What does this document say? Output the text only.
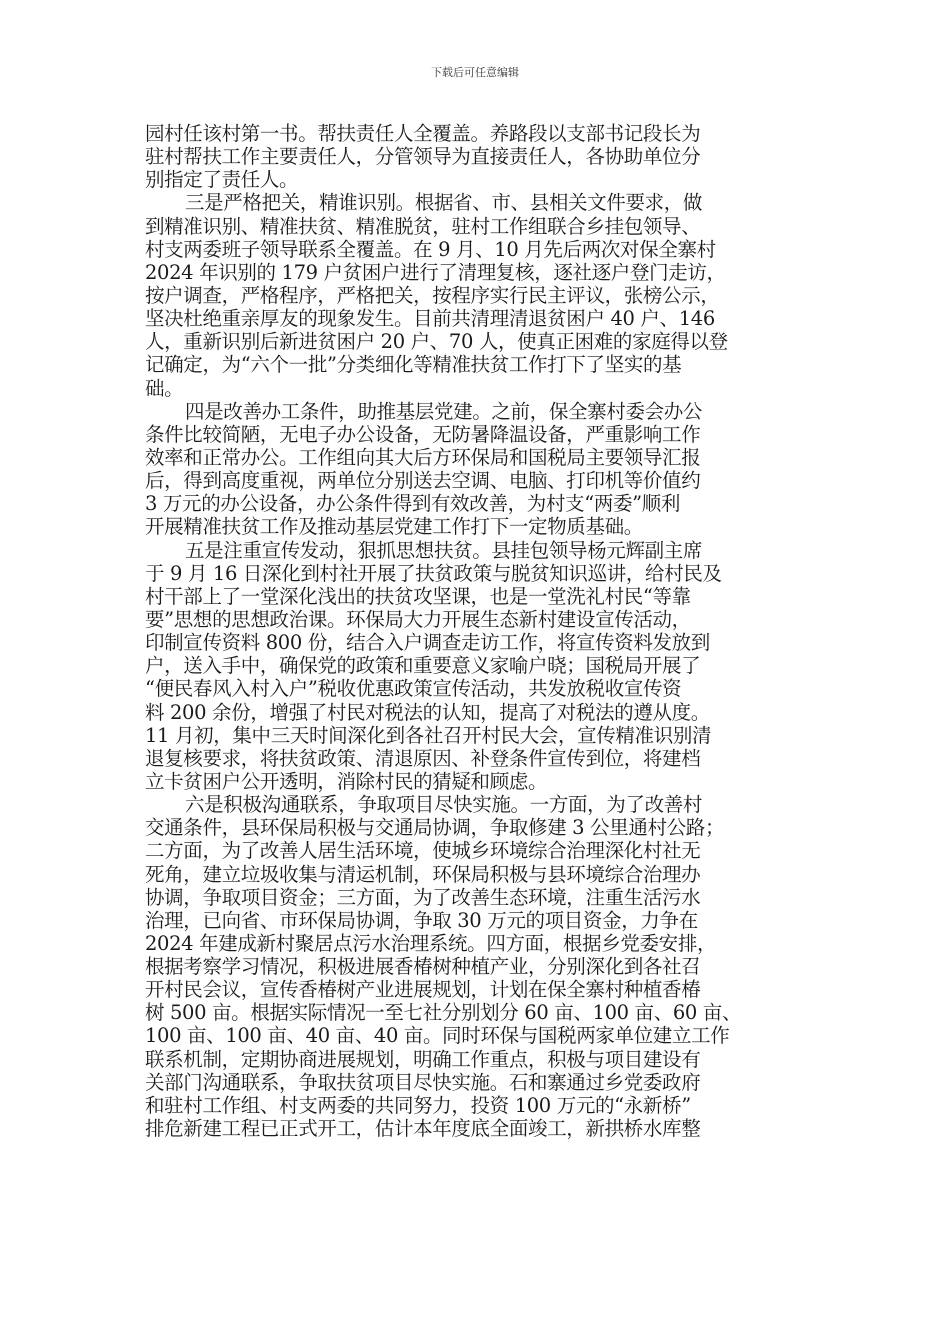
下载后可任意编辑
园村任该村第一书。帮扶责任人全覆盖。养路段以支部书记段长为
驻村帮扶工作主要责任人，分管领导为直接责任人，各协助单位分
别指定了责任人。
三是严格把关，精谁识别。根据省、市、县相关文件要求，做
到精准识别、精准扶贫、精准脱贫，驻村工作组联合乡挂包领导、
村支两委班子领导联系全覆盖。在 9 月、10 月先后两次对保全寨村
2024 年识别的 179 户贫困户进行了清理复核，逐社逐户登门走访，
按户调查，严格程序，严格把关，按程序实行民主评议，张榜公示，
坚决杜绝重亲厚友的现象发生。目前共清理清退贫困户 40 户、146
人，重新识别后新进贫困户 20 户、70 人，使真正困难的家庭得以登
记确定，为“六个一批”分类细化等精准扶贫工作打下了坚实的基
础。
四是改善办工条件，助推基层党建。之前，保全寨村委会办公
条件比较简陋，无电子办公设备，无防暑降温设备，严重影响工作
效率和正常办公。工作组向其大后方环保局和国税局主要领导汇报
后，得到高度重视，两单位分别送去空调、电脑、打印机等价值约
3 万元的办公设备，办公条件得到有效改善，为村支“两委”顺利
开展精准扶贫工作及推动基层党建工作打下一定物质基础。
五是注重宣传发动，狠抓思想扶贫。县挂包领导杨元辉副主席
于 9 月 16 日深化到村社开展了扶贫政策与脱贫知识巡讲，给村民及
村干部上了一堂深化浅出的扶贫攻坚课，也是一堂洗礼村民“等靠
要”思想的思想政治课。环保局大力开展生态新村建设宣传活动，
印制宣传资料 800 份，结合入户调查走访工作，将宣传资料发放到
户，送入手中，确保党的政策和重要意义家喻户晓；国税局开展了
“便民春风入村入户”税收优惠政策宣传活动，共发放税收宣传资
料 200 余份，增强了村民对税法的认知，提高了对税法的遵从度。
11 月初，集中三天时间深化到各社召开村民大会，宣传精准识别清
退复核要求，将扶贫政策、清退原因、补登条件宣传到位，将建档
立卡贫困户公开透明，消除村民的猜疑和顾虑。
六是积极沟通联系，争取项目尽快实施。一方面，为了改善村
交通条件，县环保局积极与交通局协调，争取修建 3 公里通村公路；
二方面，为了改善人居生活环境，使城乡环境综合治理深化村社无
死角，建立垃圾收集与清运机制，环保局积极与县环境综合治理办
协调，争取项目资金；三方面，为了改善生态环境，注重生活污水
治理，已向省、市环保局协调，争取 30 万元的项目资金，力争在
2024 年建成新村聚居点污水治理系统。四方面，根据乡党委安排，
根据考察学习情况，积极进展香椿树种植产业，分别深化到各社召
开村民会议，宣传香椿树产业进展规划，计划在保全寨村种植香椿
树 500 亩。根据实际情况一至七社分别划分 60 亩、100 亩、60 亩、
100 亩、100 亩、40 亩、40 亩。同时环保与国税两家单位建立工作
联系机制，定期协商进展规划，明确工作重点，积极与项目建设有
关部门沟通联系，争取扶贫项目尽快实施。石和寨通过乡党委政府
和驻村工作组、村支两委的共同努力，投资 100 万元的“永新桥”
排危新建工程已正式开工，估计本年度底全面竣工，新拱桥水库整
